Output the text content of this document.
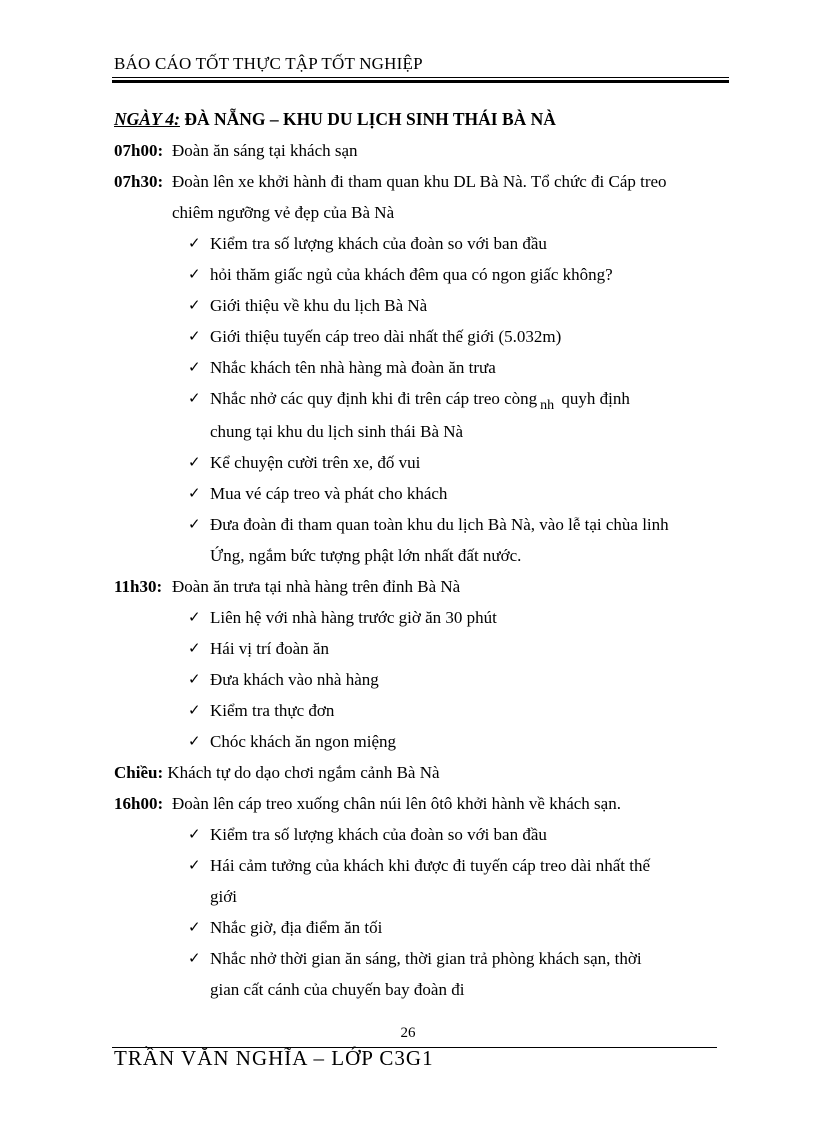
BÁO CÁO TỐT THỰC TẬP TỐT NGHIỆP
NGÀY 4: ĐÀ NẴNG – KHU DU LỊCH SINH THÁI BÀ NÀ
07h00: Đoàn ăn sáng tại khách sạn
07h30: Đoàn lên xe khởi hành đi tham quan khu DL Bà Nà. Tổ chức đi Cáp treo
chiêm ngưỡng vẻ đẹp của Bà Nà
✓ Kiểm tra số lượng khách của đoàn so với ban đầu
✓ hỏi thăm giấc ngủ của khách đêm qua có ngon giấc không?
✓ Giới thiệu về khu du lịch Bà Nà
✓ Giới thiệu tuyến cáp treo dài nhất thế giới (5.032m)
✓ Nhắc khách tên nhà hàng mà đoàn ăn trưa
✓ Nhắc nhở các quy định khi đi trên cáp treo còng $_{nh}$ quyh định
chung tại khu du lịch sinh thái Bà Nà
✓ Kể chuyện cười trên xe, đố vui
✓ Mua vé cáp treo và phát cho khách
✓ Đưa đoàn đi tham quan toàn khu du lịch Bà Nà, vào lễ tại chùa linh
Ứng, ngắm bức tượng phật lớn nhất đất nước.
11h30: Đoàn ăn trưa tại nhà hàng trên đỉnh Bà Nà
✓ Liên hệ với nhà hàng trước giờ ăn 30 phút
✓ Hái vị trí đoàn ăn
✓ Đưa khách vào nhà hàng
✓ Kiểm tra thực đơn
✓ Chóc khách ăn ngon miệng
Chiều: Khách tự do dạo chơi ngắm cảnh Bà Nà
16h00: Đoàn lên cáp treo xuống chân núi lên ôtô khởi hành về khách sạn.
✓ Kiểm tra số lượng khách của đoàn so với ban đầu
✓ Hái cảm tưởng của khách khi được đi tuyến cáp treo dài nhất thế
giới
✓ Nhắc giờ, địa điểm ăn tối
✓ Nhắc nhở thời gian ăn sáng, thời gian trả phòng khách sạn, thời
gian cất cánh của chuyến bay đoàn đi
26
TRẦN VĂN NGHĨA – LỚP C3G1
